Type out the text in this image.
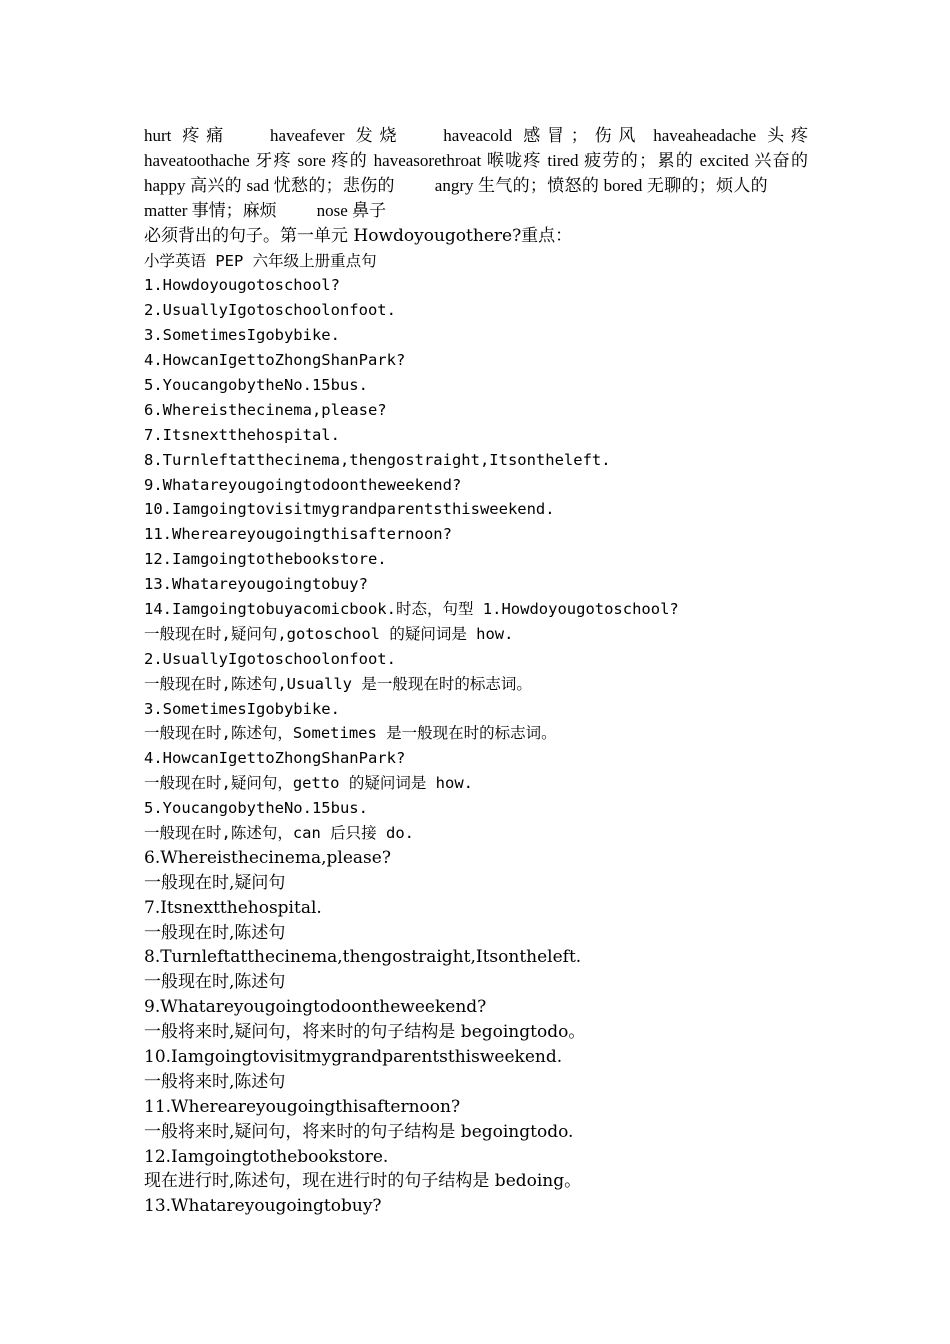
hurt 疼痛 haveafever 发烧 haveacold 感冒；伤风 haveaheadache 头疼 haveatoothache 牙疼 sore 疼的 haveasorethroat 喉咙疼 tired 疲劳的；累的 excited 兴奋的 happy 高兴的 sad 忧愁的；悲伤的 angry 生气的；愤怒的 bored 无聊的；烦人的matter 事情；麻烦 nose 鼻子
必须背出的句子。第一单元 Howdoyougothere?重点：
小学英语 PEP 六年级上册重点句
1.Howdoyougotoschool?
2.UsuallyIgotoschoolonfoot.
3.SometimesIgobybike.
4.HowcanIgettoZhongShanPark?
5.YoucangobytheNo.15bus.
6.Whereisthecinema,please?
7.Itsnextthehospital.
8.Turnleftatthecinema,thengostraight,Itsontheleft.
9.Whatareyougoingtodoontheweekend?
10.Iamgoingtovisitmygrandparentsthisweekend.
11.Whereareyougoingthisafternoon?
12.Iamgoingtothebookstore.
13.Whatareyougoingtobuy?
14.Iamgoingtobuyacomicbook.时态，句型 1.Howdoyougotoschool?
一般现在时,疑问句,gotoschool 的疑问词是 how.
2.UsuallyIgotoschoolonfoot.
一般现在时,陈述句,Usually 是一般现在时的标志词。
3.SometimesIgobybike.
一般现在时,陈述句，Sometimes 是一般现在时的标志词。
4.HowcanIgettoZhongShanPark?
一般现在时,疑问句，getto 的疑问词是 how.
5.YoucangobytheNo.15bus.
一般现在时,陈述句，can 后只接 do.
6.Whereisthecinema,please?
一般现在时,疑问句
7.Itsnextthehospital.
一般现在时,陈述句
8.Turnleftatthecinema,thengostraight,Itsontheleft.
一般现在时,陈述句
9.Whatareyougoingtodoontheweekend?
一般将来时,疑问句，将来时的句子结构是 begoingtodo。
10.Iamgoingtovisitmygrandparentsthisweekend.
一般将来时,陈述句
11.Whereareyougoingthisafternoon?
一般将来时,疑问句，将来时的句子结构是 begoingtodo.
12.Iamgoingtothebookstore.
现在进行时,陈述句，现在进行时的句子结构是 bedoing。
13.Whatareyougoingtobuy?
